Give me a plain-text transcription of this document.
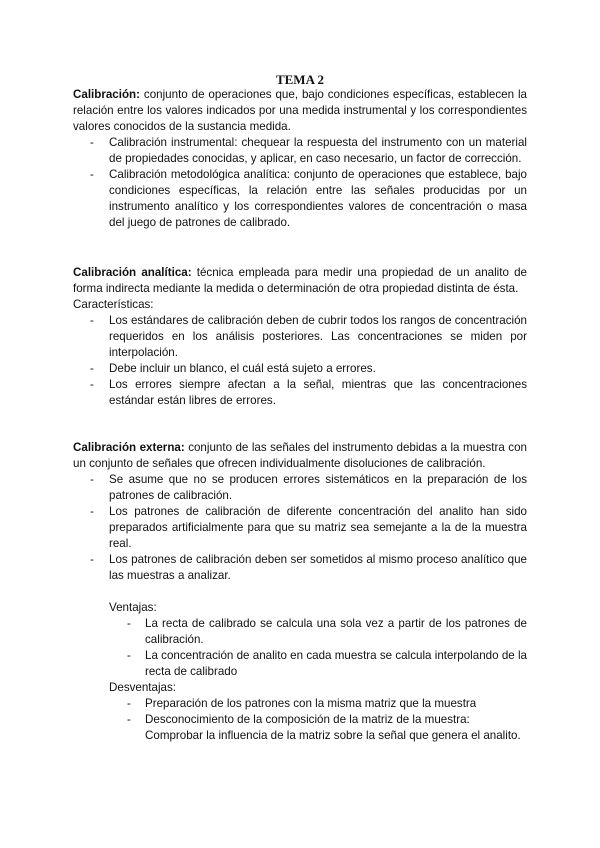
TEMA 2

Calibración: conjunto de operaciones que, bajo condiciones específicas, establecen la relación entre los valores indicados por una medida instrumental y los correspondientes valores conocidos de la sustancia medida.

- Calibración instrumental: chequear la respuesta del instrumento con un material de propiedades conocidas, y aplicar, en caso necesario, un factor de corrección.
- Calibración metodológica analítica: conjunto de operaciones que establece, bajo condiciones específicas, la relación entre las señales producidas por un instrumento analítico y los correspondientes valores de concentración o masa del juego de patrones de calibrado.

Calibración analítica: técnica empleada para medir una propiedad de un analito de forma indirecta mediante la medida o determinación de otra propiedad distinta de ésta.

Características:

- Los estándares de calibración deben de cubrir todos los rangos de concentración requeridos en los análisis posteriores. Las concentraciones se miden por interpolación.
- Debe incluir un blanco, el cuál está sujeto a errores.
- Los errores siempre afectan a la señal, mientras que las concentraciones estándar están libres de errores.

Calibración externa: conjunto de las señales del instrumento debidas a la muestra con un conjunto de señales que ofrecen individualmente disoluciones de calibración.

- Se asume que no se producen errores sistemáticos en la preparación de los patrones de calibración.
- Los patrones de calibración de diferente concentración del analito han sido preparados artificialmente para que su matriz sea semejante a la de la muestra real.
- Los patrones de calibración deben ser sometidos al mismo proceso analítico que las muestras a analizar.

Ventajas:

- La recta de calibrado se calcula una sola vez a partir de los patrones de calibración.
- La concentración de analito en cada muestra se calcula interpolando de la recta de calibrado

Desventajas:

- Preparación de los patrones con la misma matriz que la muestra
- Desconocimiento de la composición de la matriz de la muestra:
Comprobar la influencia de la matriz sobre la señal que genera el analito.
